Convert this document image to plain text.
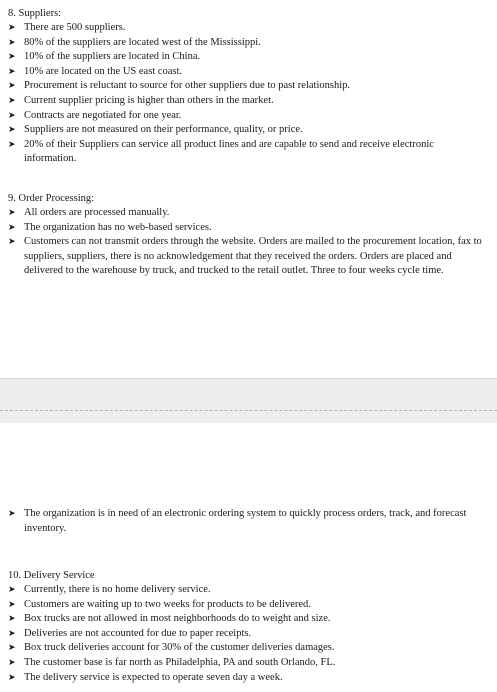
8. Suppliers:
➤ There are 500 suppliers.
➤ 80% of the suppliers are located west of the Mississippi.
➤ 10% of the suppliers are located in China.
➤ 10% are located on the US east coast.
➤ Procurement is reluctant to source for other suppliers due to past relationship.
➤ Current supplier pricing is higher than others in the market.
➤ Contracts are negotiated for one year.
➤ Suppliers are not measured on their performance, quality, or price.
➤ 20% of their Suppliers can service all product lines and are capable to send and receive electronic information.
9. Order Processing:
➤ All orders are processed manually.
➤ The organization has no web-based services.
➤ Customers can not transmit orders through the website. Orders are mailed to the procurement location, fax to suppliers, suppliers, there is no acknowledgement that they received the orders. Orders are placed and delivered to the warehouse by truck, and trucked to the retail outlet. Three to four weeks cycle time.
➤ The organization is in need of an electronic ordering system to quickly process orders, track, and forecast inventory.
10. Delivery Service
➤ Currently, there is no home delivery service.
➤ Customers are waiting up to two weeks for products to be delivered.
➤ Box trucks are not allowed in most neighborhoods do to weight and size.
➤ Deliveries are not accounted for due to paper receipts.
➤ Box truck deliveries account for 30% of the customer deliveries damages.
➤ The customer base is far north as Philadelphia, PA and south Orlando, FL.
➤ The delivery service is expected to operate seven day a week.
